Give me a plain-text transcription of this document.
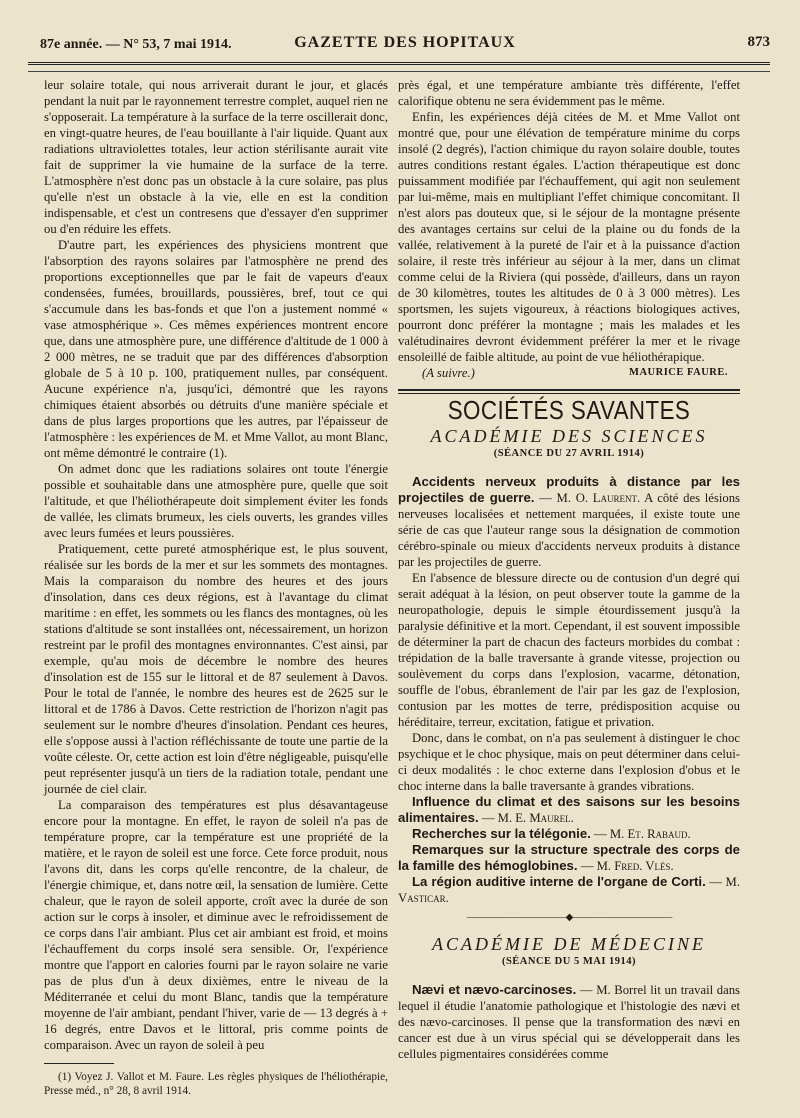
87e année. — N° 53, 7 mai 1914.	GAZETTE DES HOPITAUX	873

leur solaire totale, qui nous arriverait durant le jour, et glacés pendant la nuit par le rayonnement terrestre complet, auquel rien ne s'opposerait. La température à la surface de la terre oscillerait donc, en vingt-quatre heures, de l'eau bouillante à l'air liquide. Quant aux radiations ultraviolettes totales, leur action stérilisante aurait vite fait de supprimer la vie humaine de la surface de la terre. L'atmosphère n'est donc pas un obstacle à la cure solaire, pas plus qu'elle n'est un obstacle à la vie, elle en est la condition indispensable, et c'est un contresens que d'essayer d'en supprimer ou d'en réduire les effets.

D'autre part, les expériences des physiciens montrent que l'absorption des rayons solaires par l'atmosphère ne prend des proportions exceptionnelles que par le fait de vapeurs d'eaux condensées, fumées, brouillards, poussières, bref, tout ce qui s'accumule dans les bas-fonds et que l'on a justement nommé « vase atmosphérique ». Ces mêmes expériences montrent encore que, dans une atmosphère pure, une différence d'altitude de 1 000 à 2 000 mètres, ne se traduit que par des différences d'absorption globale de 5 à 10 p. 100, pratiquement nulles, par conséquent. Aucune expérience n'a, jusqu'ici, démontré que les rayons chimiques étaient absorbés ou détruits d'une manière spéciale et dans de plus larges proportions que les autres, par l'épaisseur de l'atmosphère : les expériences de M. et Mme Vallot, au mont Blanc, ont même démontré le contraire (1).

On admet donc que les radiations solaires ont toute l'énergie possible et souhaitable dans une atmosphère pure, quelle que soit l'altitude, et que l'héliothérapeute doit simplement éviter les fonds de vallée, les climats brumeux, les ciels ouverts, les grandes villes avec leurs fumées et leurs poussières.

Pratiquement, cette pureté atmosphérique est, le plus souvent, réalisée sur les bords de la mer et sur les sommets des montagnes. Mais la comparaison du nombre des heures et des jours d'insolation, dans ces deux régions, est à l'avantage du climat maritime : en effet, les sommets ou les flancs des montagnes, où les stations d'altitude se sont installées ont, nécessairement, un horizon restreint par le profil des montagnes environnantes. C'est ainsi, par exemple, qu'au mois de décembre le nombre des heures d'insolation est de 155 sur le littoral et de 87 seulement à Davos. Pour le total de l'année, le nombre des heures est de 2625 sur le littoral et de 1786 à Davos. Cette restriction de l'horizon n'agit pas seulement sur le nombre d'heures d'insolation. Pendant ces heures, elle s'oppose aussi à l'action réfléchissante de toute une partie de la voûte céleste. Or, cette action est loin d'être négligeable, puisqu'elle peut représenter jusqu'à un tiers de la radiation totale, pendant une journée de ciel clair.

La comparaison des températures est plus désavantageuse encore pour la montagne. En effet, le rayon de soleil n'a pas de température propre, car la température est une propriété de la matière, et le rayon de soleil est une force. Cete force produit, nous l'avons dit, dans les corps qu'elle rencontre, de la chaleur, de l'énergie chimique, et, dans notre œil, la sensation de lumière. Cette chaleur, que le rayon de soleil apporte, croît avec la durée de son action sur le corps à insoler, et diminue avec le refroidissement de ce corps dans l'air ambiant. Plus cet air ambiant est froid, et moins l'échauffement du corps insolé sera sensible. Or, l'expérience montre que l'apport en calories fourni par le rayon solaire ne varie pas de plus d'un à deux dixièmes, entre le niveau de la Méditerranée et celui du mont Blanc, tandis que la température moyenne de l'air ambiant, pendant l'hiver, varie de — 13 degrés à + 16 degrés, entre Davos et le littoral, pris comme points de comparaison. Avec un rayon de soleil à peu

(1) Voyez J. Vallot et M. Faure. Les règles physiques de l'héliothérapie, Presse méd., n° 28, 8 avril 1914.

près égal, et une température ambiante très différente, l'effet calorifique obtenu ne sera évidemment pas le même.

Enfin, les expériences déjà citées de M. et Mme Vallot ont montré que, pour une élévation de température minime du corps insolé (2 degrés), l'action chimique du rayon solaire double, toutes autres conditions restant égales. L'action thérapeutique est donc puissamment modifiée par l'échauffement, qui agit non seulement par lui-même, mais en multipliant l'effet chimique concomitant. Il n'est alors pas douteux que, si le séjour de la montagne présente des avantages certains sur celui de la plaine ou du fonds de la vallée, relativement à la pureté de l'air et à la puissance d'action solaire, il reste très inférieur au séjour à la mer, dans un climat comme celui de la Riviera (qui possède, d'ailleurs, dans un rayon de 30 kilomètres, toutes les altitudes de 0 à 3 000 mètres). Les sportsmen, les sujets vigoureux, à réactions biologiques actives, pourront donc préférer la montagne ; mais les malades et les valétudinaires devront évidemment préférer la mer et le rivage ensoleillé de faible altitude, au point de vue héliothérapique.

(A suivre.)	MAURICE FAURE.
SOCIÉTÉS SAVANTES
ACADÉMIE DES SCIENCES
(SÉANCE DU 27 AVRIL 1914)

Accidents nerveux produits à distance par les projectiles de guerre. — M. O. Laurent. A côté des lésions nerveuses localisées et nettement marquées, il existe toute une série de cas que l'auteur range sous la désignation de commotion cérébro-spinale ou mieux d'accidents nerveux produits à distance par les projectiles de guerre.

En l'absence de blessure directe ou de contusion d'un degré qui serait adéquat à la lésion, on peut observer toute la gamme de la neuropathologie, depuis le simple étourdissement jusqu'à la paralysie définitive et la mort. Cependant, il est souvent impossible de déterminer la part de chacun des facteurs morbides du combat : trépidation de la balle traversante à grande vitesse, projection ou soulèvement du corps dans l'explosion, vacarme, détonation, souffle de l'obus, ébranlement de l'air par les gaz de l'explosion, contusion par les mottes de terre, prédisposition acquise ou héréditaire, terreur, excitation, fatigue et privation.

Donc, dans le combat, on n'a pas seulement à distinguer le choc psychique et le choc physique, mais on peut déterminer dans celui-ci deux modalités : le choc externe dans l'explosion d'obus et le choc interne dans la balle traversante à grandes vibrations.

Influence du climat et des saisons sur les besoins alimentaires. — M. E. Maurel.

Recherches sur la télégonie. — M. Et. Rabaud.

Remarques sur la structure spectrale des corps de la famille des hémoglobines. — M. Fred. Vlès.

La région auditive interne de l'organe de Corti. — M. Vasticar.

———————————◆———————————
ACADÉMIE DE MÉDECINE
(SÉANCE DU 5 MAI 1914)

Nævi et nævo-carcinoses. — M. Borrel lit un travail dans lequel il étudie l'anatomie pathologique et l'histologie des nævi et des nævo-carcinoses. Il pense que la transformation des nævi en cancer est due à un virus spécial qui se développerait dans les cellules pigmentaires considérées comme
